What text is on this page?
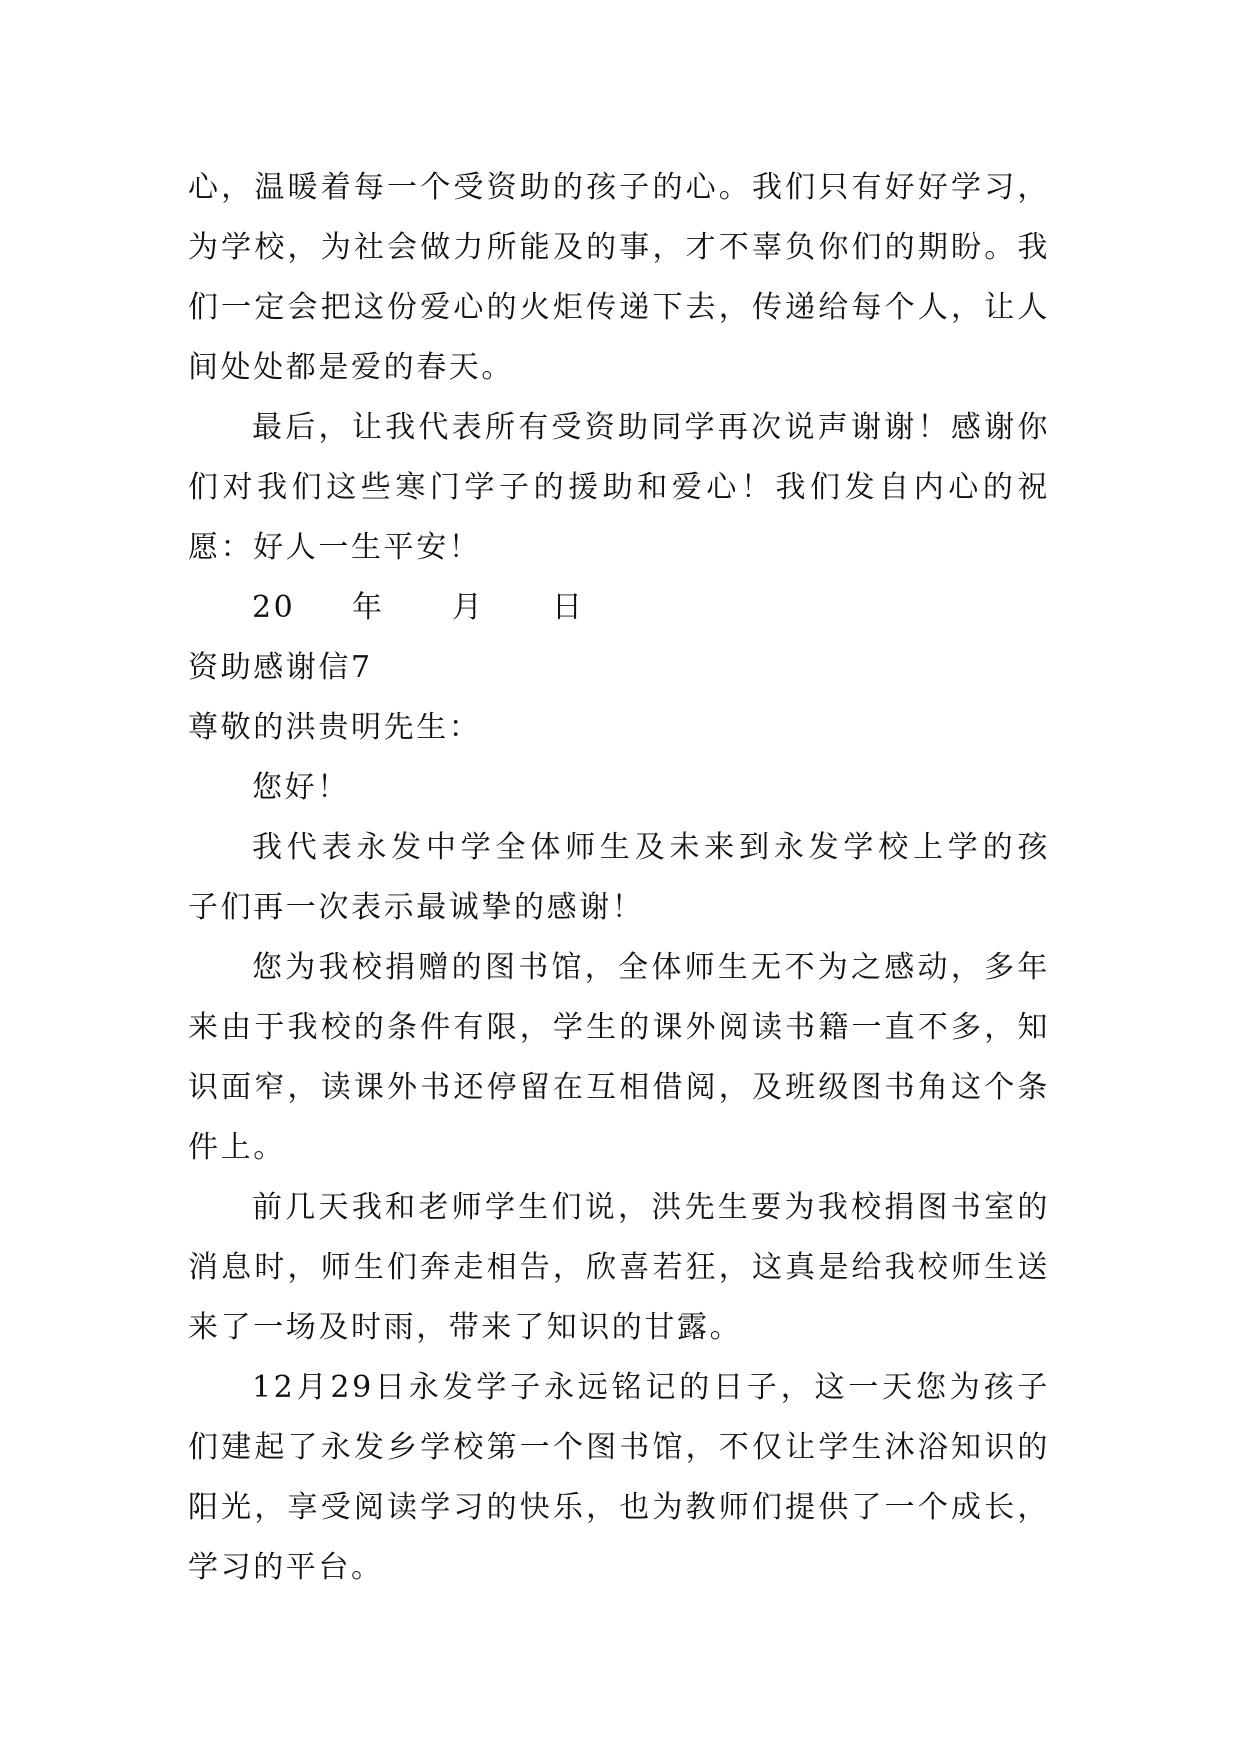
心，温暖着每一个受资助的孩子的心。我们只有好好学习，
为学校，为社会做力所能及的事，才不辜负你们的期盼。我
们一定会把这份爱心的火炬传递下去，传递给每个人，让人
间处处都是爱的春天。
最后，让我代表所有受资助同学再次说声谢谢！感谢你
们对我们这些寒门学子的援助和爱心！我们发自内心的祝
愿：好人一生平安！
20	年	月	日
资助感谢信7
尊敬的洪贵明先生：
您好！
我代表永发中学全体师生及未来到永发学校上学的孩
子们再一次表示最诚挚的感谢！
您为我校捐赠的图书馆，全体师生无不为之感动，多年
来由于我校的条件有限，学生的课外阅读书籍一直不多，知
识面窄，读课外书还停留在互相借阅，及班级图书角这个条
件上。
前几天我和老师学生们说，洪先生要为我校捐图书室的
消息时，师生们奔走相告，欣喜若狂，这真是给我校师生送
来了一场及时雨，带来了知识的甘露。
12月29日永发学子永远铭记的日子，这一天您为孩子
们建起了永发乡学校第一个图书馆，不仅让学生沐浴知识的
阳光，享受阅读学习的快乐，也为教师们提供了一个成长，
学习的平台。
